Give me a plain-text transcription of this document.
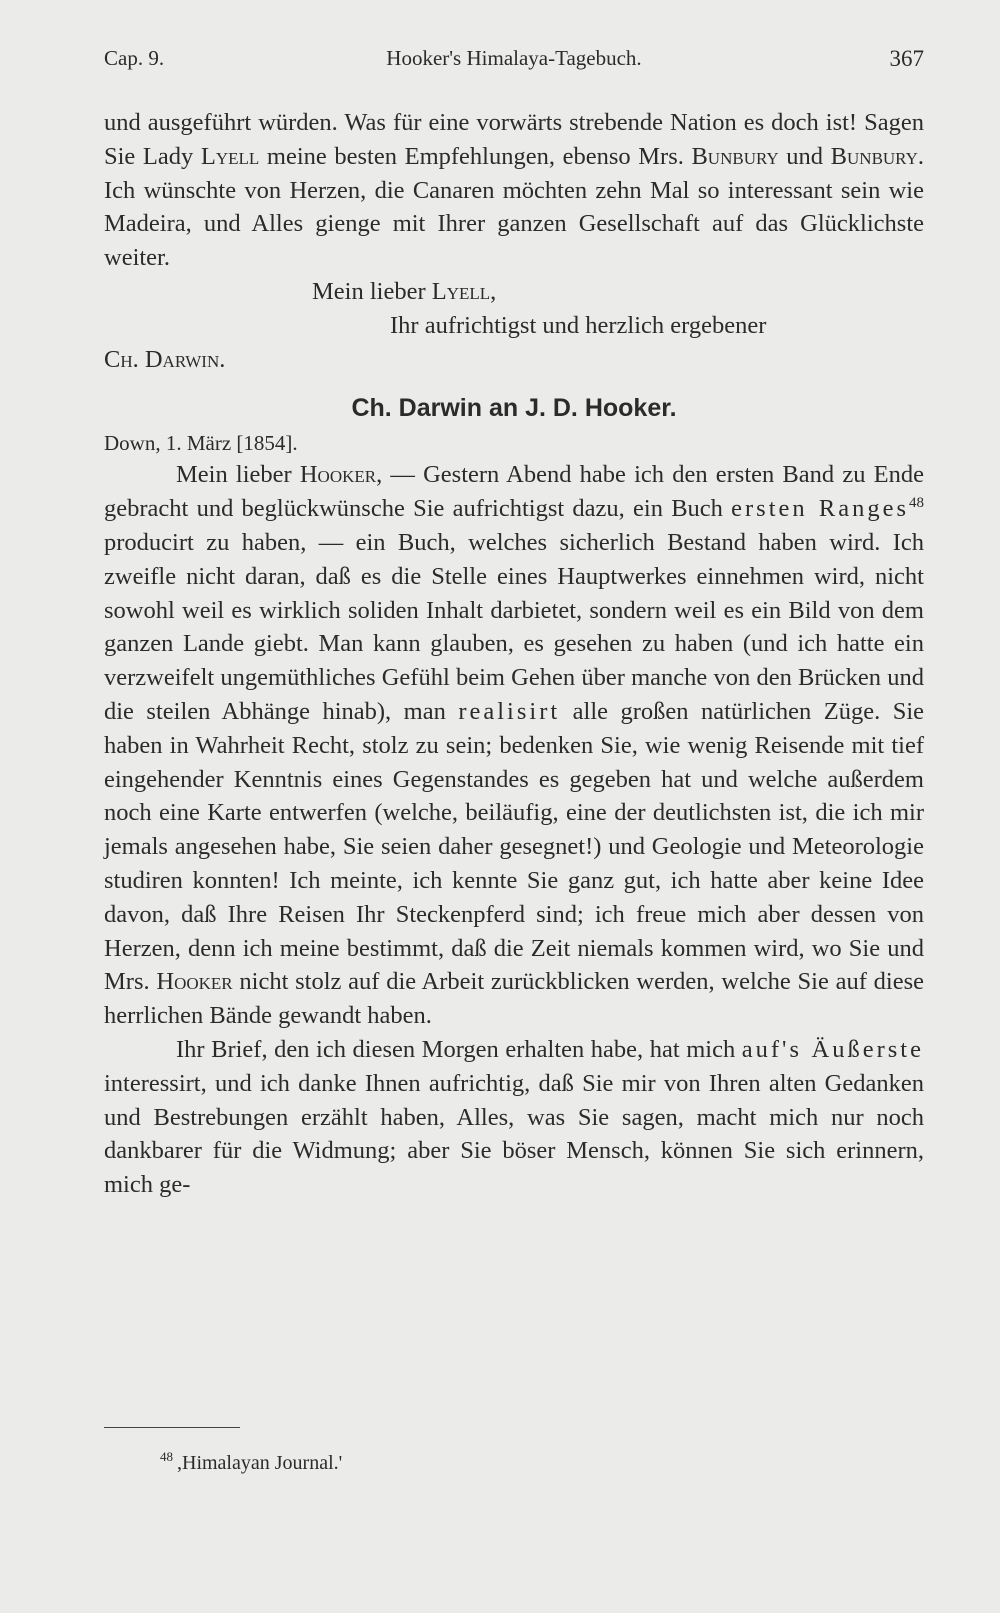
Cap. 9.	Hooker's Himalaya-Tagebuch.	367

und ausgeführt würden. Was für eine vorwärts strebende Nation es doch ist! Sagen Sie Lady Lyell meine besten Empfehlungen, ebenso Mrs. Bunbury und Bunbury. Ich wünschte von Herzen, die Canaren möchten zehn Mal so interessant sein wie Madeira, und Alles gienge mit Ihrer ganzen Gesellschaft auf das Glücklichste weiter.

Mein lieber Lyell,

Ihr aufrichtigst und herzlich ergebener

Ch. Darwin.

Ch. Darwin an J. D. Hooker.

Down, 1. März [1854].

Mein lieber Hooker, — Gestern Abend habe ich den ersten Band zu Ende gebracht und beglückwünsche Sie aufrichtigst dazu, ein Buch ersten Ranges$^{48}$ producirt zu haben, — ein Buch, welches sicherlich Bestand haben wird. Ich zweifle nicht daran, daß es die Stelle eines Hauptwerkes einnehmen wird, nicht sowohl weil es wirklich soliden Inhalt darbietet, sondern weil es ein Bild von dem ganzen Lande giebt. Man kann glauben, es gesehen zu haben (und ich hatte ein verzweifelt ungemüthliches Gefühl beim Gehen über manche von den Brücken und die steilen Abhänge hinab), man realisirt alle großen natürlichen Züge. Sie haben in Wahrheit Recht, stolz zu sein; bedenken Sie, wie wenig Reisende mit tief eingehender Kenntnis eines Gegenstandes es gegeben hat und welche außerdem noch eine Karte entwerfen (welche, beiläufig, eine der deutlichsten ist, die ich mir jemals angesehen habe, Sie seien daher gesegnet!) und Geologie und Meteorologie studiren konnten! Ich meinte, ich kennte Sie ganz gut, ich hatte aber keine Idee davon, daß Ihre Reisen Ihr Steckenpferd sind; ich freue mich aber dessen von Herzen, denn ich meine bestimmt, daß die Zeit niemals kommen wird, wo Sie und Mrs. Hooker nicht stolz auf die Arbeit zurückblicken werden, welche Sie auf diese herrlichen Bände gewandt haben.

Ihr Brief, den ich diesen Morgen erhalten habe, hat mich auf's Äußerste interessirt, und ich danke Ihnen aufrichtig, daß Sie mir von Ihren alten Gedanken und Bestrebungen erzählt haben, Alles, was Sie sagen, macht mich nur noch dankbarer für die Widmung; aber Sie böser Mensch, können Sie sich erinnern, mich ge-

$^{48}$ ,Himalayan Journal.'
